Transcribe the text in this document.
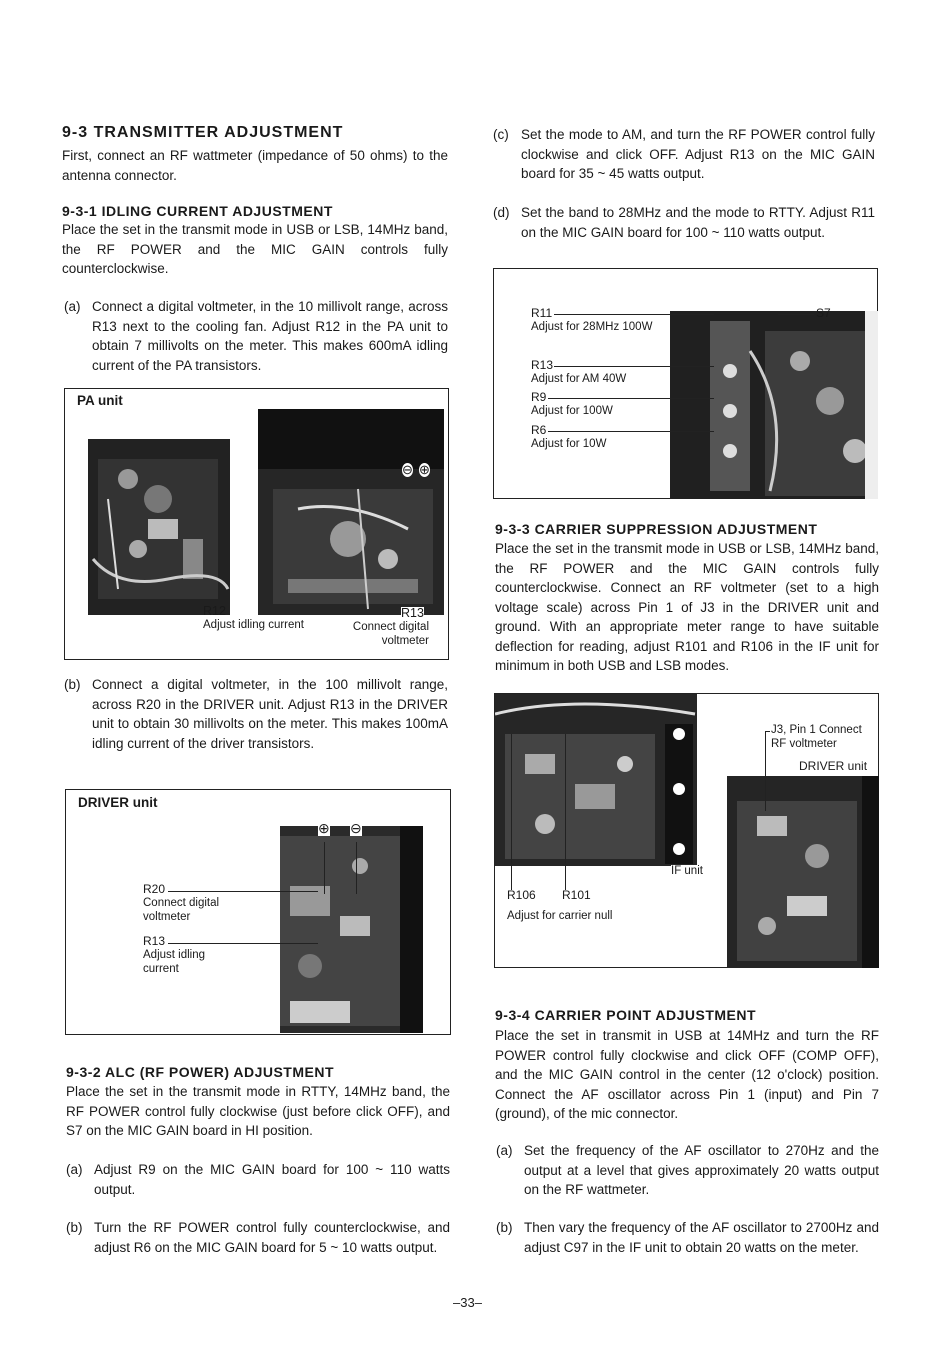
9-3 TRANSMITTER ADJUSTMENT

First, connect an RF wattmeter (impedance of 50 ohms) to the antenna connector.

9-3-1 IDLING CURRENT ADJUSTMENT

Place the set in the transmit mode in USB or LSB, 14MHz band, the RF POWER and the MIC GAIN controls fully counterclockwise.

(a) Connect a digital voltmeter, in the 10 millivolt range, across R13 next to the cooling fan. Adjust R12 in the PA unit to obtain 7 millivolts on the meter. This makes 600mA idling current of the PA transistors.
PA unit
⊖ ⊕
R12
Adjust idling current
R13
Connect digital voltmeter
(b) Connect a digital voltmeter, in the 100 millivolt range, across R20 in the DRIVER unit. Adjust R13 in the DRIVER unit to obtain 30 millivolts on the meter. This makes 100mA idling current of the driver transistors.
DRIVER unit
⊕ ⊖
R20
Connect digital voltmeter
R13
Adjust idling current
9-3-2 ALC (RF POWER) ADJUSTMENT

Place the set in the transmit mode in RTTY, 14MHz band, the RF POWER control fully clockwise (just before click OFF), and S7 on the MIC GAIN board in HI position.

(a) Adjust R9 on the MIC GAIN board for 100 ~ 110 watts output.
(b) Turn the RF POWER control fully counterclockwise, and adjust R6 on the MIC GAIN board for 5 ~ 10 watts output.
(c) Set the mode to AM, and turn the RF POWER control fully clockwise and click OFF. Adjust R13 on the MIC GAIN board for 35 ~ 45 watts output.
(d) Set the band to 28MHz and the mode to RTTY. Adjust R11 on the MIC GAIN board for 100 ~ 110 watts output.
R11
Adjust for 28MHz 100W
R13
Adjust for AM 40W
R9
Adjust for 100W
R6
Adjust for 10W
S7
9-3-3 CARRIER SUPPRESSION ADJUSTMENT

Place the set in the transmit mode in USB or LSB, 14MHz band, the RF POWER and the MIC GAIN controls fully counterclockwise. Connect an RF voltmeter (set to a high voltage scale) across Pin 1 of J3 in the DRIVER unit and ground. With an appropriate meter range to have suitable deflection for reading, adjust R101 and R106 in the IF unit for minimum in both USB and LSB modes.

IF unit
R106 R101
Adjust for carrier null
J3, Pin 1 Connect
RF voltmeter
DRIVER unit
9-3-4 CARRIER POINT ADJUSTMENT

Place the set in transmit in USB at 14MHz and turn the RF POWER control fully clockwise and click OFF (COMP OFF), and the MIC GAIN control in the center (12 o'clock) position. Connect the AF oscillator across Pin 1 (input) and Pin 7 (ground), of the mic connector.

(a) Set the frequency of the AF oscillator to 270Hz and the output at a level that gives approximately 20 watts output on the RF wattmeter.
(b) Then vary the frequency of the AF oscillator to 2700Hz and adjust C97 in the IF unit to obtain 20 watts on the meter.
–33–
